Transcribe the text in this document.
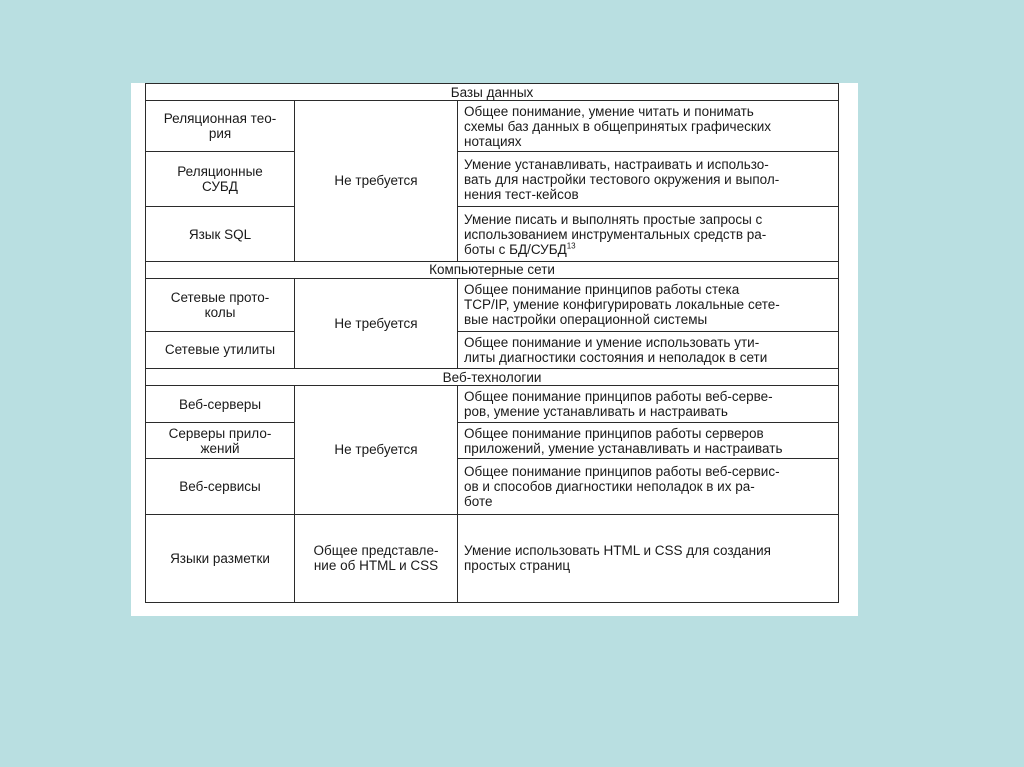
Базы данных		
Реляционная тео-
рия	Не требуется	Общее понимание, умение читать и понимать
схемы баз данных в общепринятых графических
нотациях
Реляционные
СУБД		Умение устанавливать, настраивать и использо-
вать для настройки тестового окружения и выпол-
нения тест-кейсов
Язык SQL		Умение писать и выполнять простые запросы с
использованием инструментальных средств ра-
боты с БД/СУБД$^{13}$
Компьютерные сети		
Сетевые прото-
колы	Не требуется	Общее понимание принципов работы стека
TCP/IP, умение конфигурировать локальные сете-
вые настройки операционной системы
Сетевые утилиты		Общее понимание и умение использовать ути-
литы диагностики состояния и неполадок в сети
Веб-технологии		
Веб-серверы	Не требуется	Общее понимание принципов работы веб-серве-
ров, умение устанавливать и настраивать
Серверы прило-
жений		Общее понимание принципов работы серверов
приложений, умение устанавливать и настраивать
Веб-сервисы		Общее понимание принципов работы веб-сервис-
ов и способов диагностики неполадок в их ра-
боте
Языки разметки	Общее представле-
ние об HTML и CSS	Умение использовать HTML и CSS для создания
простых страниц
